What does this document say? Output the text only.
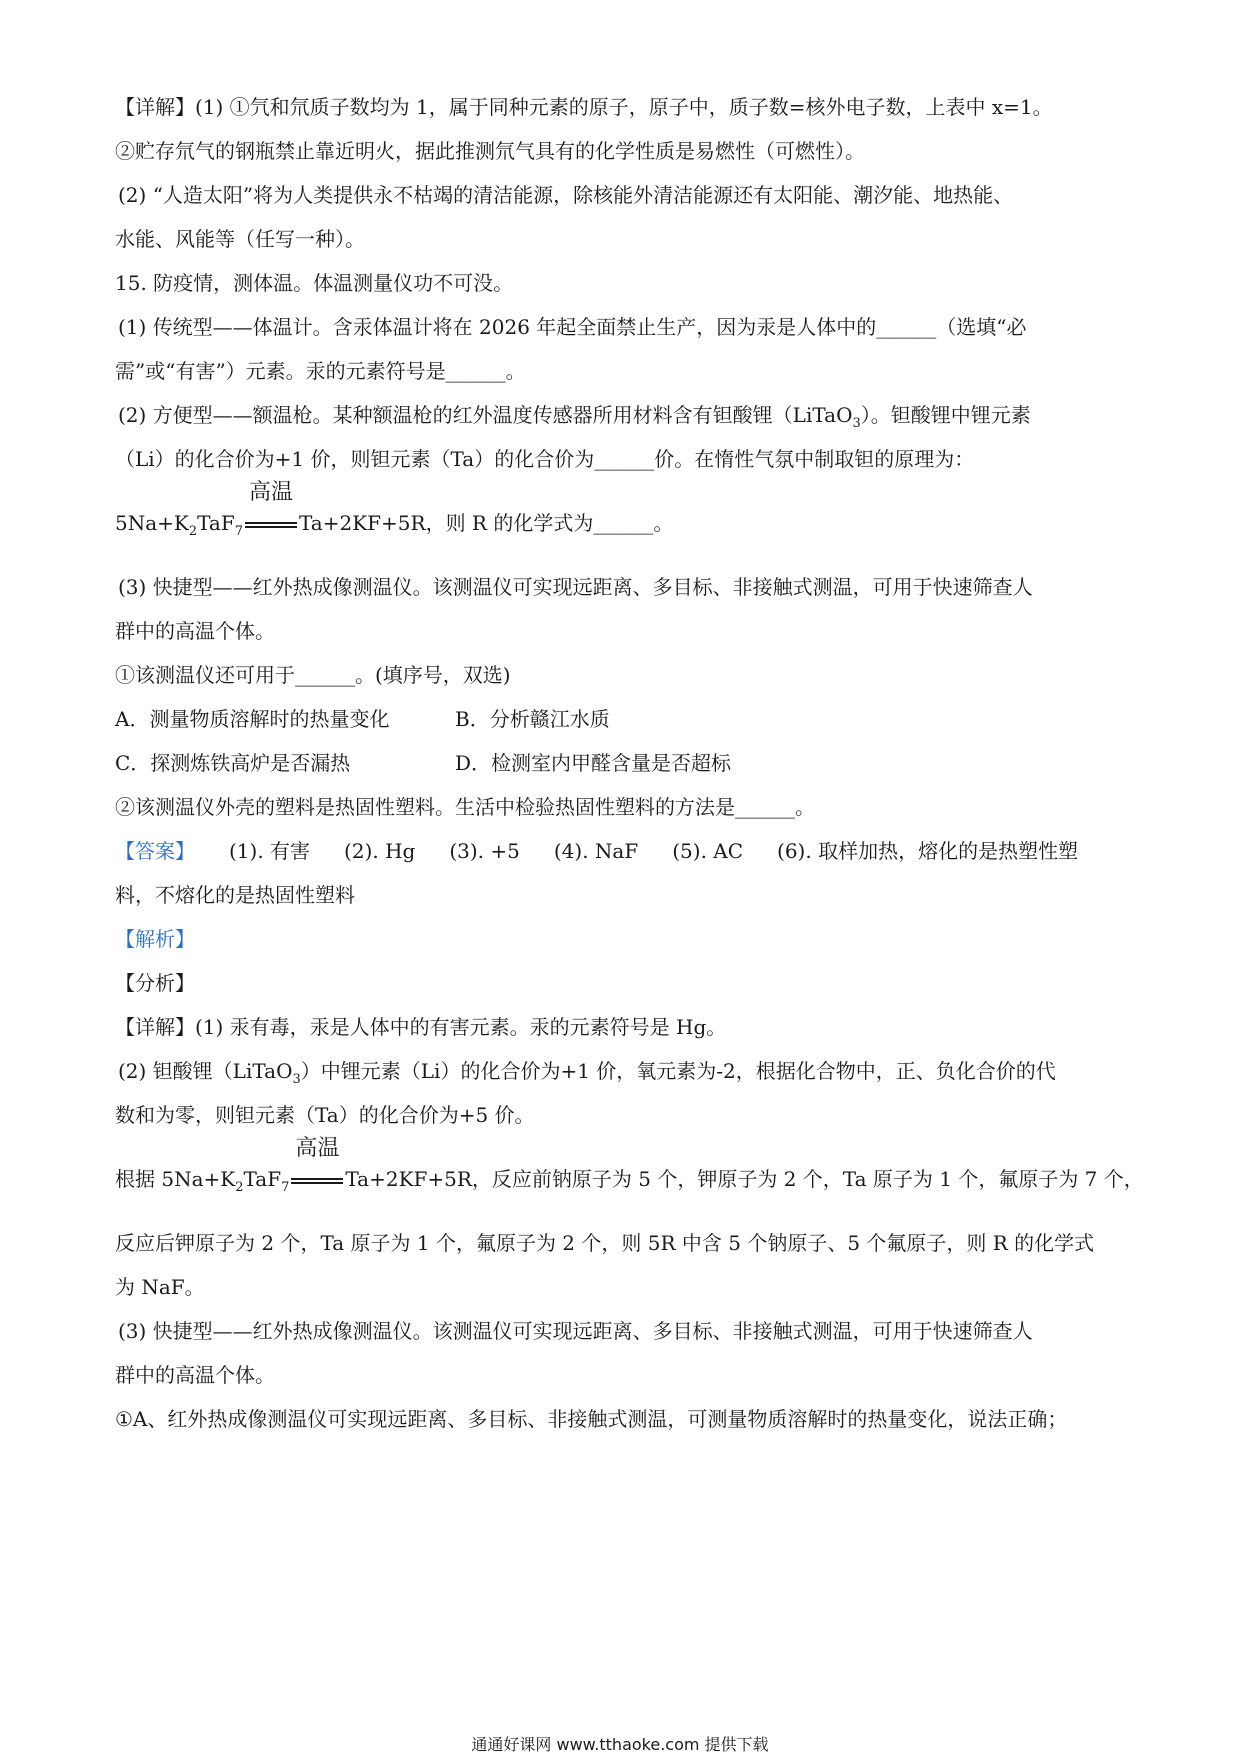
【详解】(1) ①氕和氘质子数均为 1，属于同种元素的原子，原子中，质子数=核外电子数，上表中 x=1。
②贮存氘气的钢瓶禁止靠近明火，据此推测氘气具有的化学性质是易燃性（可燃性）。
(2) “人造太阳”将为人类提供永不枯竭的清洁能源，除核能外清洁能源还有太阳能、潮汐能、地热能、
水能、风能等（任写一种）。
15. 防疫情，测体温。体温测量仪功不可没。
(1) 传统型——体温计。含汞体温计将在 2026 年起全面禁止生产，因为汞是人体中的______（选填“必
需”或“有害”）元素。汞的元素符号是______。
(2) 方便型——额温枪。某种额温枪的红外温度传感器所用材料含有钽酸锂（LiTaO$_3$）。钽酸锂中锂元素
（Li）的化合价为+1 价，则钽元素（Ta）的化合价为______价。在惰性气氛中制取钽的原理为：
$5Na+K_2TaF_7$
高温
Ta+2KF+5R，则 R 的化学式为______。
(3) 快捷型——红外热成像测温仪。该测温仪可实现远距离、多目标、非接触式测温，可用于快速筛查人
群中的高温个体。
①该测温仪还可用于______。(填序号，双选)
A．测量物质溶解时的热量变化	B．分析赣江水质
C．探测炼铁高炉是否漏热	D．检测室内甲醛含量是否超标
②该测温仪外壳的塑料是热固性塑料。生活中检验热固性塑料的方法是______。
【答案】 (1). 有害 (2). Hg (3). +5 (4). NaF (5). AC (6). 取样加热，熔化的是热塑性塑
料，不熔化的是热固性塑料
【解析】
【分析】
【详解】(1) 汞有毒，汞是人体中的有害元素。汞的元素符号是 Hg。
(2) 钽酸锂（LiTaO$_3$）中锂元素（Li）的化合价为+1 价，氧元素为-2，根据化合物中，正、负化合价的代
数和为零，则钽元素（Ta）的化合价为+5 价。
根据 $5Na+K_2TaF_7$
高温
Ta+2KF+5R，反应前钠原子为 5 个，钾原子为 2 个，Ta 原子为 1 个，氟原子为 7 个，
反应后钾原子为 2 个，Ta 原子为 1 个，氟原子为 2 个，则 5R 中含 5 个钠原子、5 个氟原子，则 R 的化学式
为 NaF。
(3) 快捷型——红外热成像测温仪。该测温仪可实现远距离、多目标、非接触式测温，可用于快速筛查人
群中的高温个体。
①A、红外热成像测温仪可实现远距离、多目标、非接触式测温，可测量物质溶解时的热量变化，说法正确；
通通好课网 www.tthaoke.com 提供下载
